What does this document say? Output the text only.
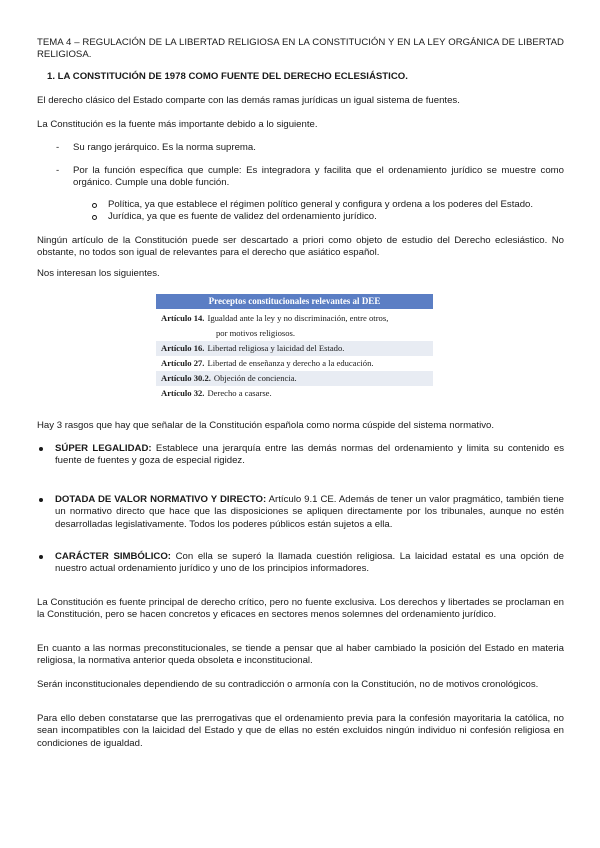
TEMA 4 – REGULACIÓN DE LA LIBERTAD RELIGIOSA EN LA CONSTITUCIÓN Y EN LA LEY ORGÁNICA DE LIBERTAD RELIGIOSA.

1. LA CONSTITUCIÓN DE 1978 COMO FUENTE DEL DERECHO ECLESIÁSTICO.

El derecho clásico del Estado comparte con las demás ramas jurídicas un igual sistema de fuentes.

La Constitución es la fuente más importante debido a lo siguiente.

- Su rango jerárquico. Es la norma suprema.

- Por la función específica que cumple: Es integradora y facilita que el ordenamiento jurídico se muestre como orgánico. Cumple una doble función.

Política, ya que establece el régimen político general y configura y ordena a los poderes del Estado.

Jurídica, ya que es fuente de validez del ordenamiento jurídico.

Ningún artículo de la Constitución puede ser descartado a priori como objeto de estudio del Derecho eclesiástico. No obstante, no todos son igual de relevantes para el derecho que asiático español.

Nos interesan los siguientes.

Preceptos constitucionales relevantes al DEE
Artículo 14. Igualdad ante la ley y no discriminación, entre otros,
por motivos religiosos.
Artículo 16. Libertad religiosa y laicidad del Estado.
Artículo 27. Libertad de enseñanza y derecho a la educación.
Artículo 30.2. Objeción de conciencia.
Artículo 32. Derecho a casarse.

Hay 3 rasgos que hay que señalar de la Constitución española como norma cúspide del sistema normativo.

SÚPER LEGALIDAD: Establece una jerarquía entre las demás normas del ordenamiento y limita su contenido es fuente de fuentes y goza de especial rigidez.

DOTADA DE VALOR NORMATIVO Y DIRECTO: Artículo 9.1 CE. Además de tener un valor pragmático, también tiene un normativo directo que hace que las disposiciones se apliquen directamente por los tribunales, aunque no estén desarrolladas legislativamente. Todos los poderes públicos están sujetos a ella.

CARÁCTER SIMBÓLICO: Con ella se superó la llamada cuestión religiosa. La laicidad estatal es una opción de nuestro actual ordenamiento jurídico y uno de los principios informadores.

La Constitución es fuente principal de derecho crítico, pero no fuente exclusiva. Los derechos y libertades se proclaman en la Constitución, pero se hacen concretos y eficaces en sectores menos solemnes del ordenamiento jurídico.

En cuanto a las normas preconstitucionales, se tiende a pensar que al haber cambiado la posición del Estado en materia religiosa, la normativa anterior queda obsoleta e inconstitucional.

Serán inconstitucionales dependiendo de su contradicción o armonía con la Constitución, no de motivos cronológicos.

Para ello deben constatarse que las prerrogativas que el ordenamiento previa para la confesión mayoritaria la católica, no sean incompatibles con la laicidad del Estado y que de ellas no estén excluidos ningún individuo ni confesión religiosa en condiciones de igualdad.
